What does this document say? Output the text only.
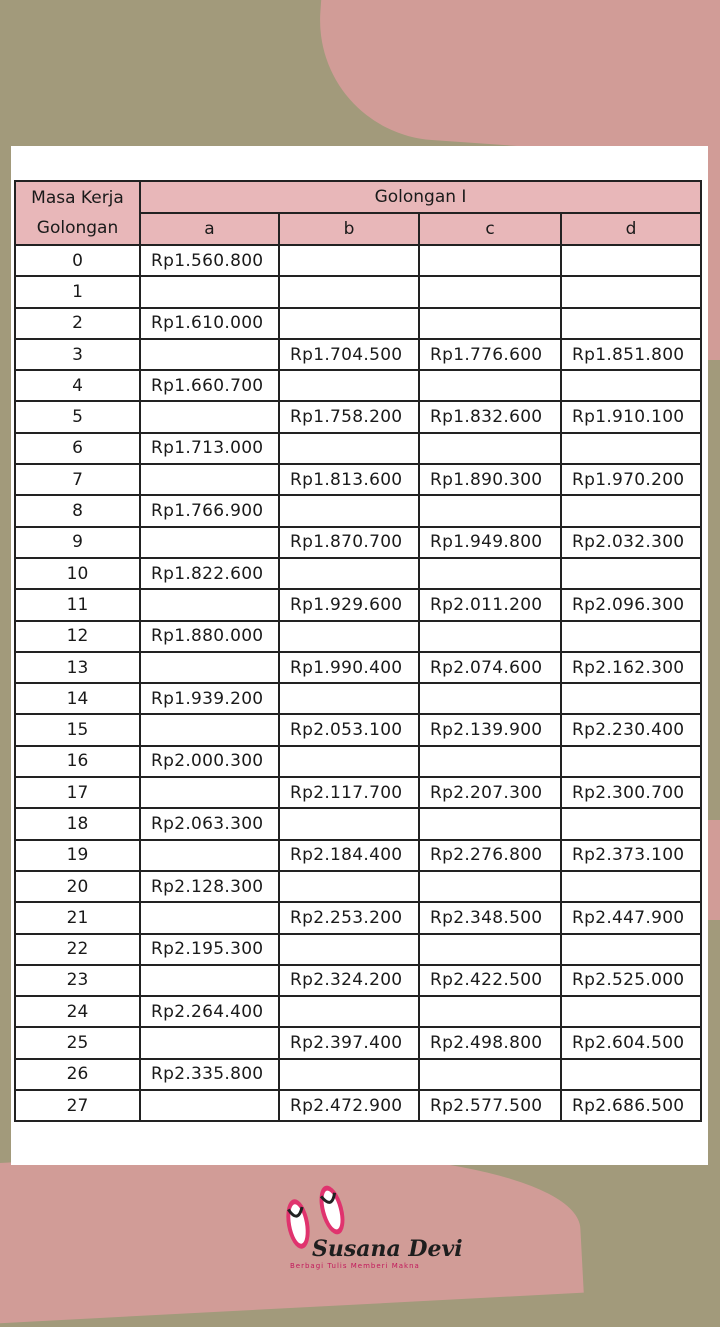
Masa Kerja Golongan	Golongan I			
	a	b	c	d
0	Rp1.560.800			
1				
2	Rp1.610.000			
3		Rp1.704.500	Rp1.776.600	Rp1.851.800
4	Rp1.660.700			
5		Rp1.758.200	Rp1.832.600	Rp1.910.100
6	Rp1.713.000			
7		Rp1.813.600	Rp1.890.300	Rp1.970.200
8	Rp1.766.900			
9		Rp1.870.700	Rp1.949.800	Rp2.032.300
10	Rp1.822.600			
11		Rp1.929.600	Rp2.011.200	Rp2.096.300
12	Rp1.880.000			
13		Rp1.990.400	Rp2.074.600	Rp2.162.300
14	Rp1.939.200			
15		Rp2.053.100	Rp2.139.900	Rp2.230.400
16	Rp2.000.300			
17		Rp2.117.700	Rp2.207.300	Rp2.300.700
18	Rp2.063.300			
19		Rp2.184.400	Rp2.276.800	Rp2.373.100
20	Rp2.128.300			
21		Rp2.253.200	Rp2.348.500	Rp2.447.900
22	Rp2.195.300			
23		Rp2.324.200	Rp2.422.500	Rp2.525.000
24	Rp2.264.400			
25		Rp2.397.400	Rp2.498.800	Rp2.604.500
26	Rp2.335.800			
27		Rp2.472.900	Rp2.577.500	Rp2.686.500
Susana Devi
Berbagi Tulis Memberi Makna
